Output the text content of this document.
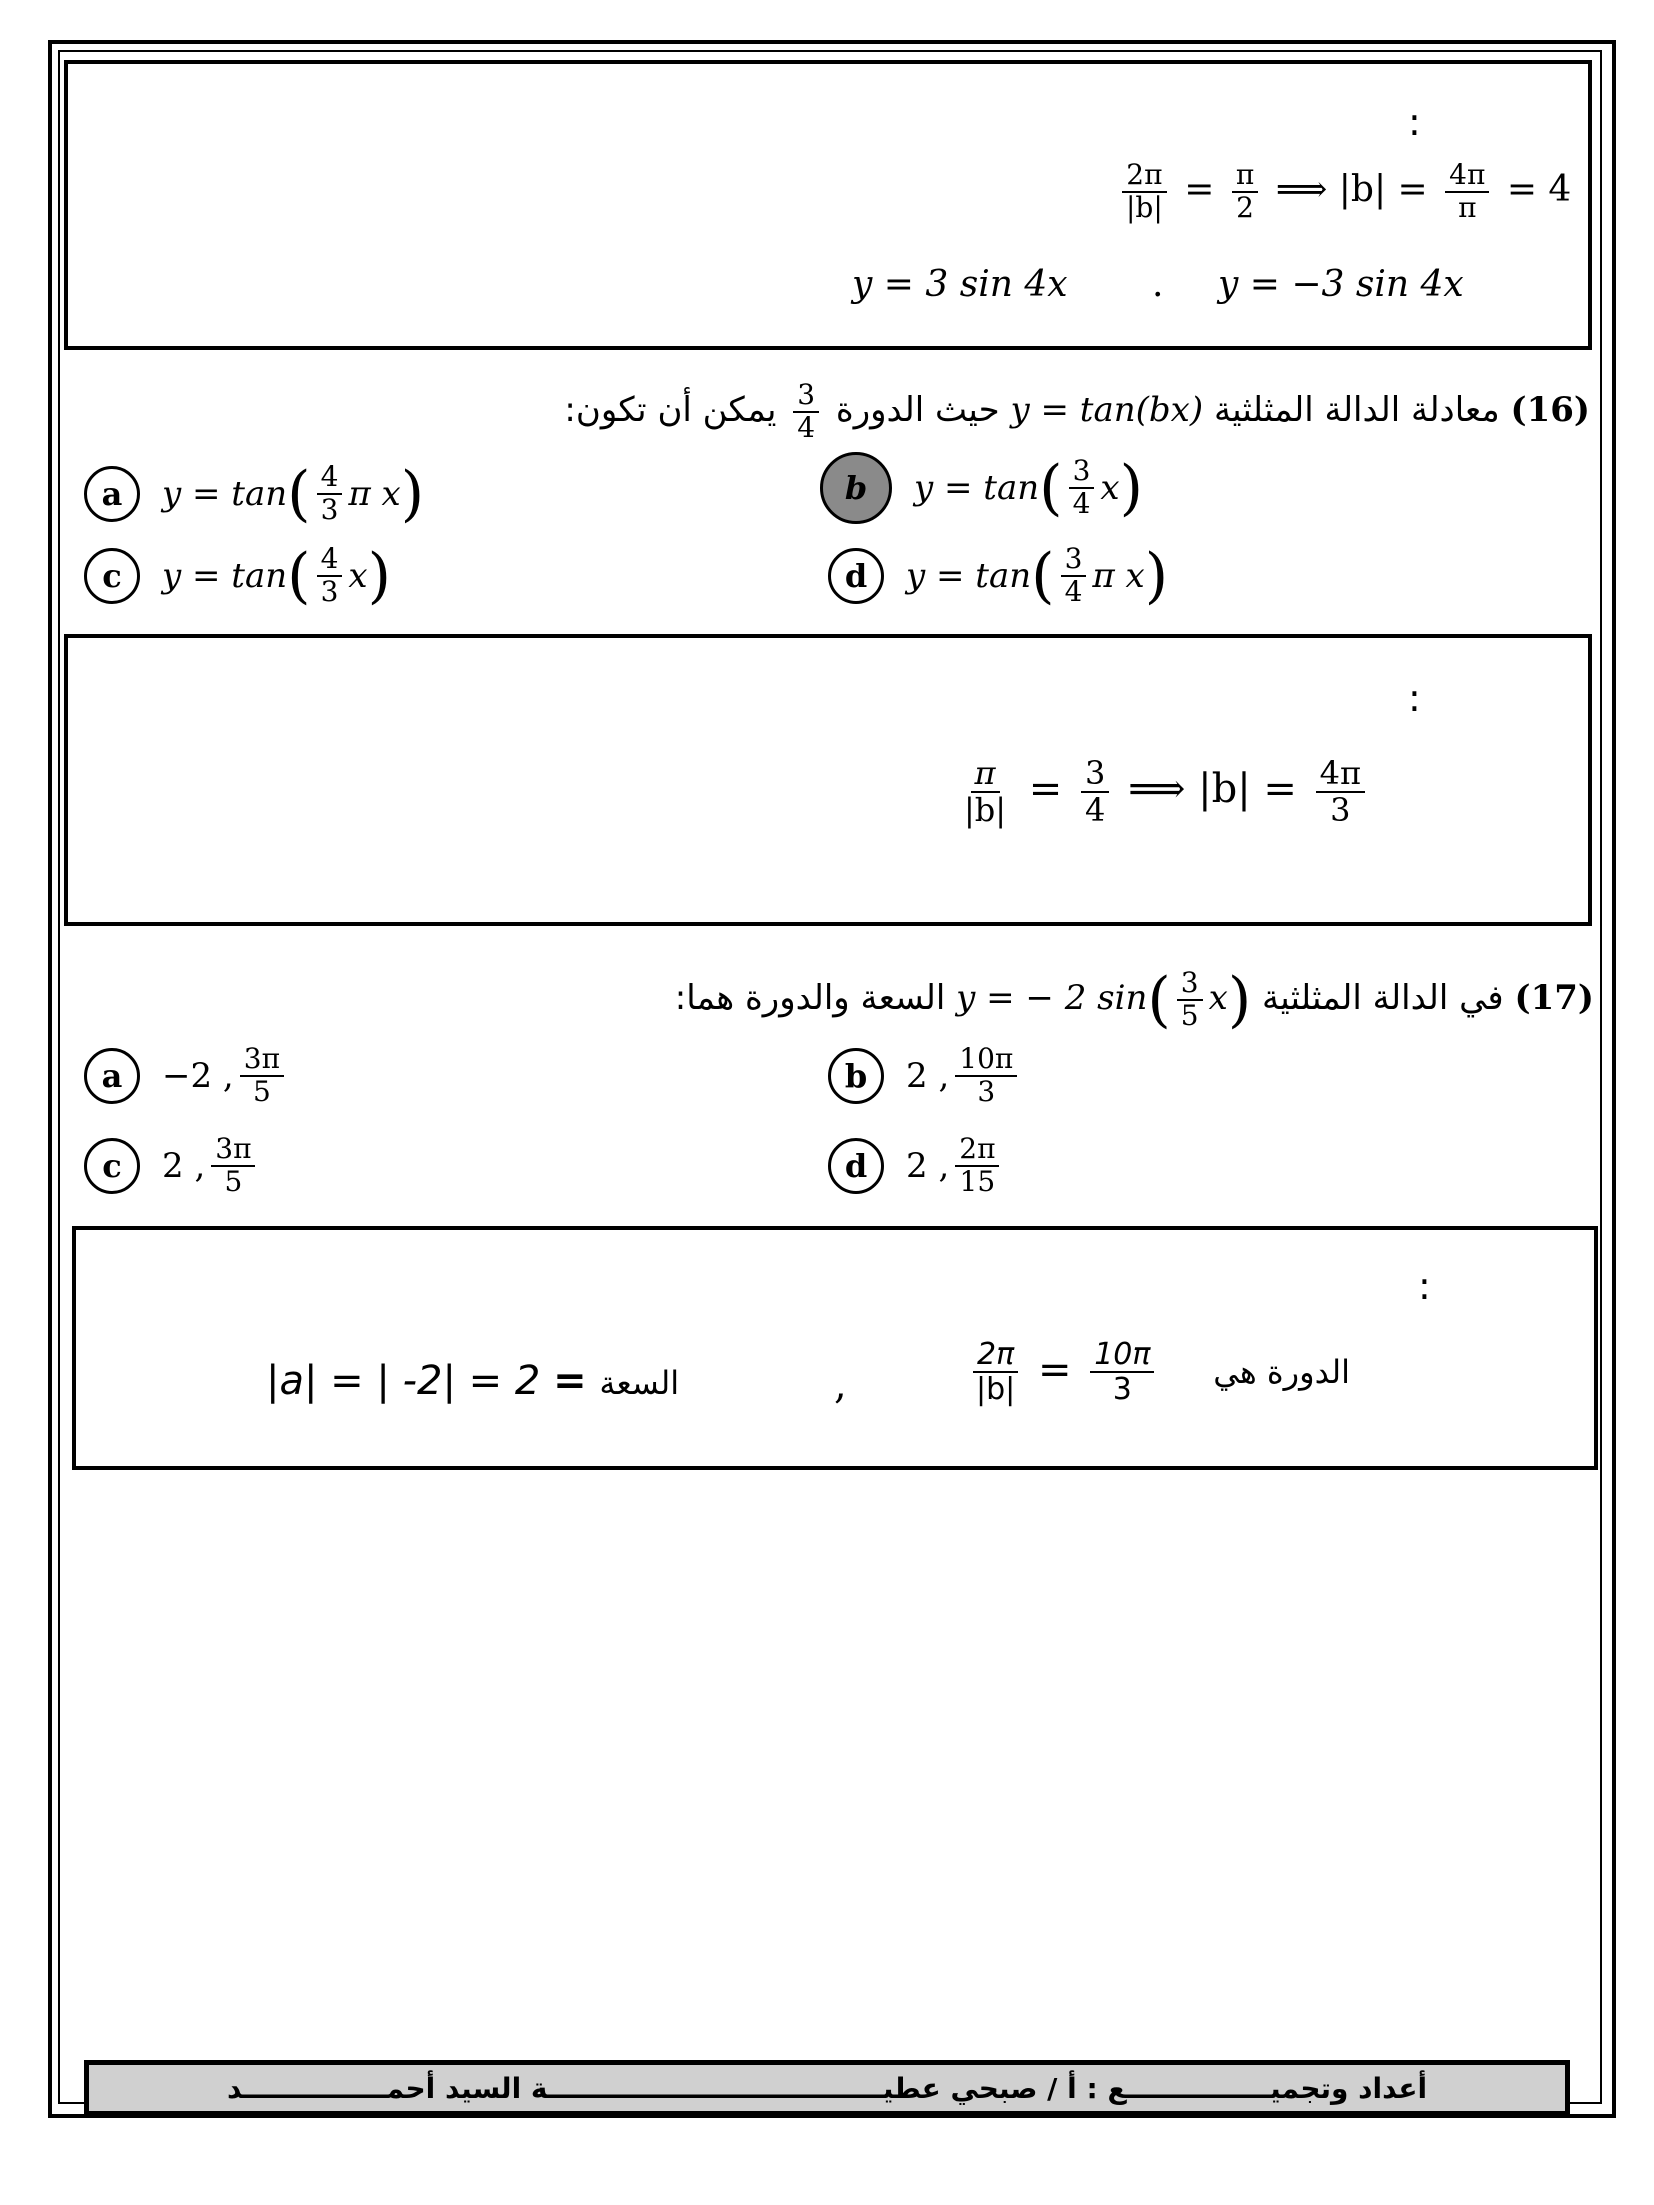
:
$\frac{2\pi}{|b|} = \frac{\pi}{2}$ ⟹ $|b| = \frac{4\pi}{\pi} = 4$
y = 3 sin 4x . y = −3 sin 4x
(16) معادلة الدالة المثلثية y = tan(bx) حيث الدورة
$\frac{3}{4}$
يمكن أن تكون:
a	y = tan ( $\frac{4}{3}$ π x )	b	y = tan ( $\frac{3}{4}$ x )
c	y = tan ( $\frac{4}{3}$ x )	d	y = tan ( $\frac{3}{4}$ π x )
:
$\frac{\pi}{|b|} = \frac{3}{4}$ ⟹ $|b| = \frac{4\pi}{3}$
(17) في الدالة المثلثية y = − 2 $\sin( \frac{3}{5} x)$ السعة والدورة هما:
a	−2 , $\frac{3\pi}{5}$	b	2 , $\frac{10\pi}{3}$
c	2 , $\frac{3\pi}{5}$	d	2 , $\frac{2\pi}{15}$
:
|a| = | -2| = 2 = السعة	,	$\frac{2\pi}{|b|} = \frac{10\pi}{3}$ الدورة هي
أعداد وتجميـــــــــــــــع : أ / صبحي عطيـــــــــــــــــــــــــــــــــــة السيد أحمـــــــــــــــد
